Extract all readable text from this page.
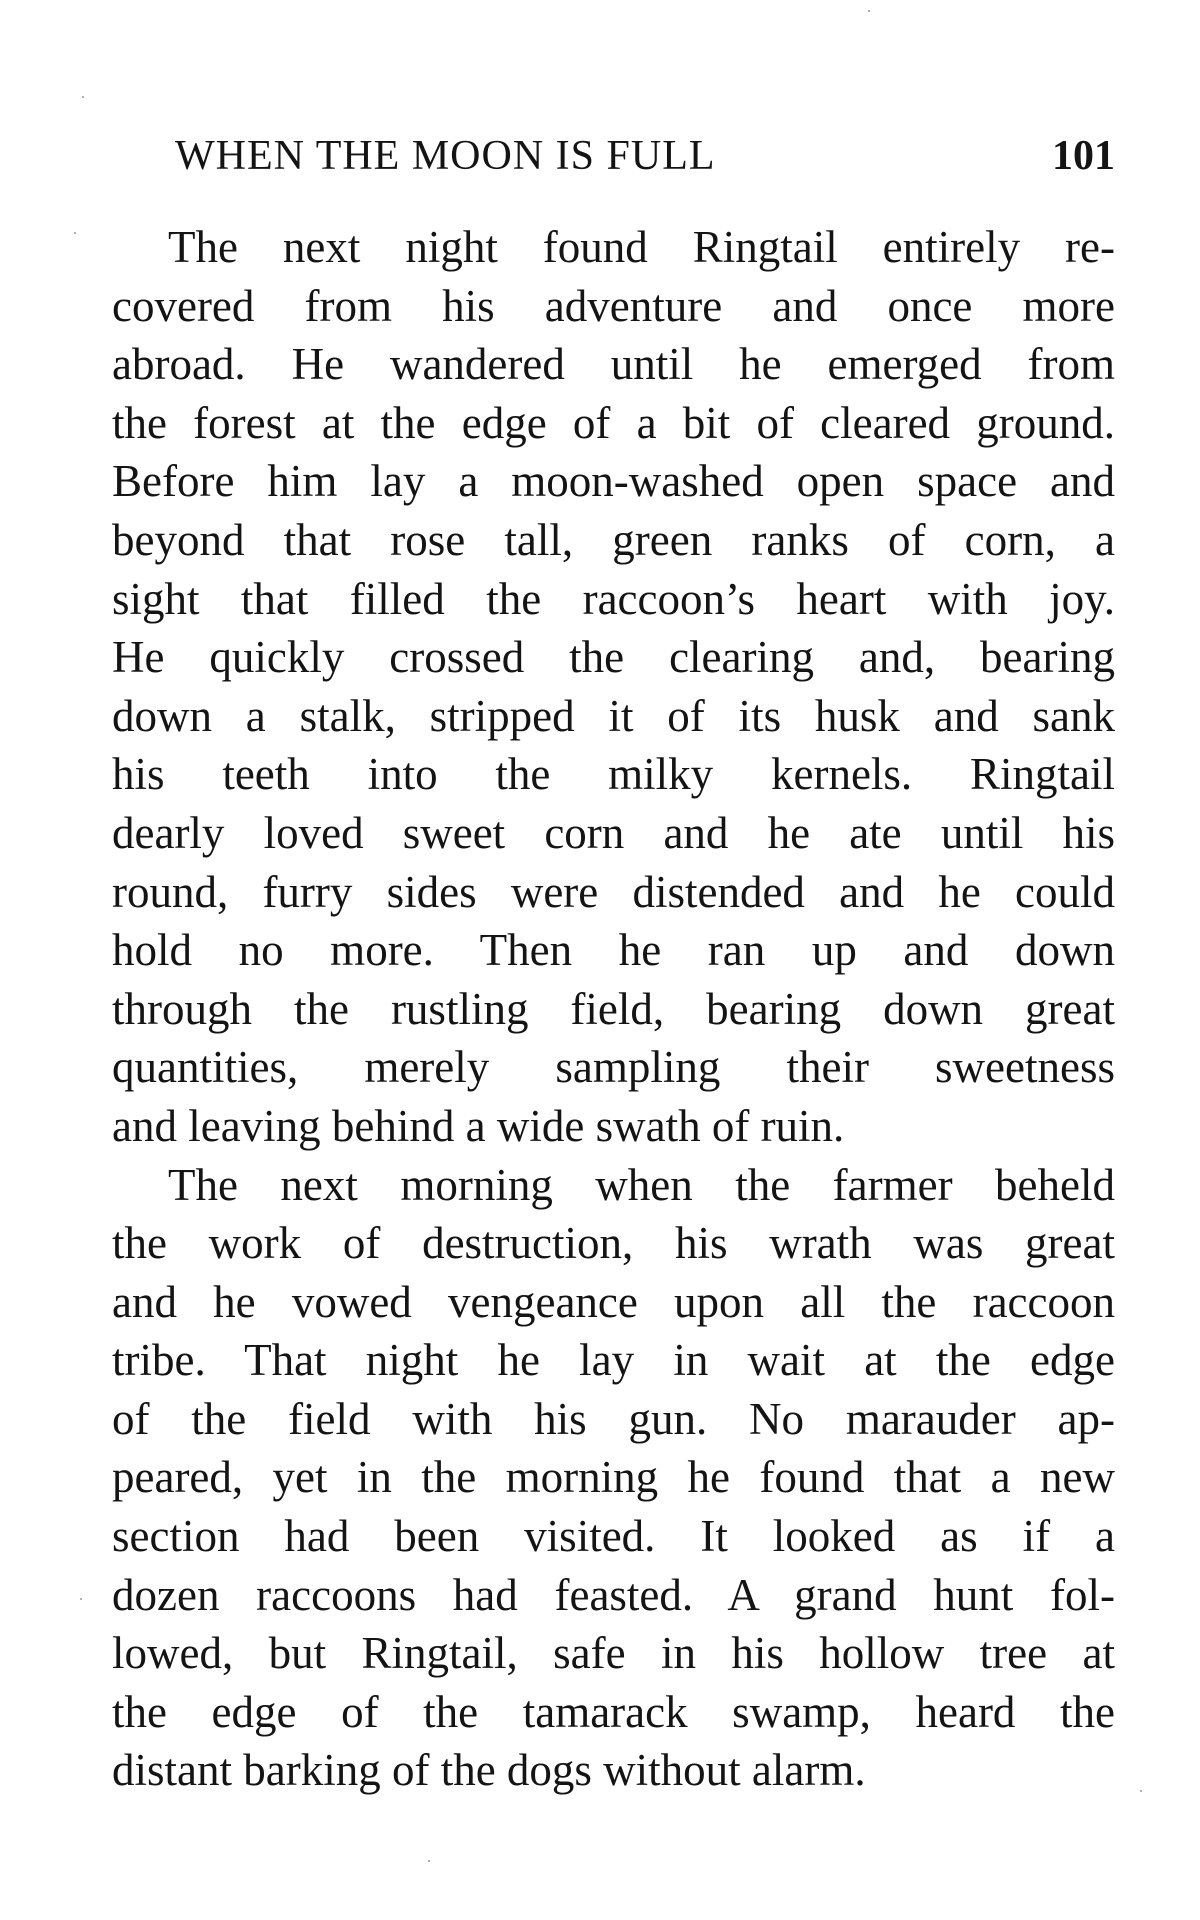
WHEN THE MOON IS FULL	101
The next night found Ringtail entirely re-
covered from his adventure and once more
abroad. He wandered until he emerged from
the forest at the edge of a bit of cleared ground.
Before him lay a moon-washed open space and
beyond that rose tall, green ranks of corn, a
sight that filled the raccoon’s heart with joy.
He quickly crossed the clearing and, bearing
down a stalk, stripped it of its husk and sank
his teeth into the milky kernels. Ringtail
dearly loved sweet corn and he ate until his
round, furry sides were distended and he could
hold no more. Then he ran up and down
through the rustling field, bearing down great
quantities, merely sampling their sweetness
and leaving behind a wide swath of ruin.
The next morning when the farmer beheld
the work of destruction, his wrath was great
and he vowed vengeance upon all the raccoon
tribe. That night he lay in wait at the edge
of the field with his gun. No marauder ap-
peared, yet in the morning he found that a new
section had been visited. It looked as if a
dozen raccoons had feasted. A grand hunt fol-
lowed, but Ringtail, safe in his hollow tree at
the edge of the tamarack swamp, heard the
distant barking of the dogs without alarm.
